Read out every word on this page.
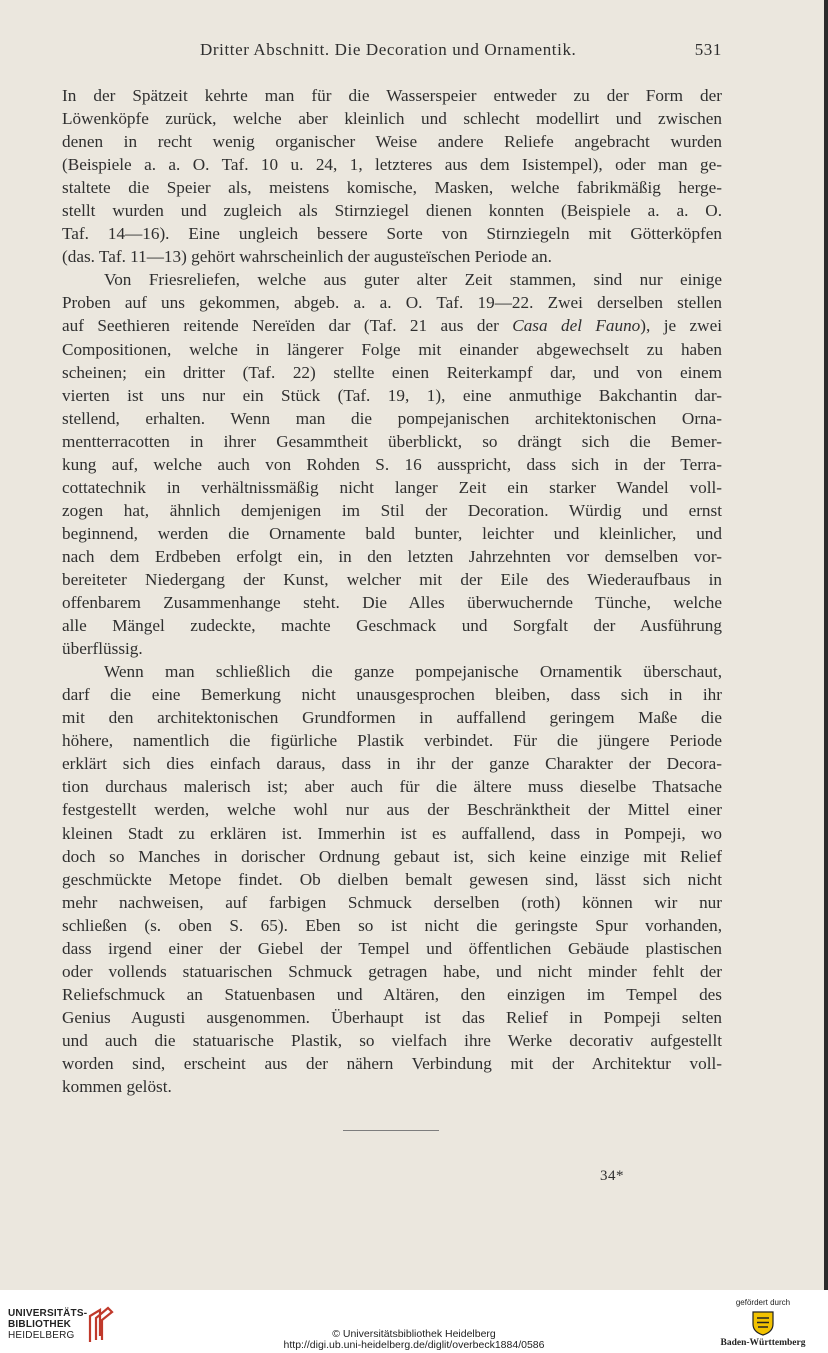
Dritter Abschnitt. Die Decoration und Ornamentik.	531
In der Spätzeit kehrte man für die Wasserspeier entweder zu der Form der
Löwenköpfe zurück, welche aber kleinlich und schlecht modellirt und zwischen
denen in recht wenig organischer Weise andere Reliefe angebracht wurden
(Beispiele a. a. O. Taf. 10 u. 24, 1, letzteres aus dem Isistempel), oder man ge-
staltete die Speier als, meistens komische, Masken, welche fabrikmäßig herge-
stellt wurden und zugleich als Stirnziegel dienen konnten (Beispiele a. a. O.
Taf. 14—16). Eine ungleich bessere Sorte von Stirnziegeln mit Götterköpfen
(das. Taf. 11—13) gehört wahrscheinlich der augusteïschen Periode an.
Von Friesreliefen, welche aus guter alter Zeit stammen, sind nur einige
Proben auf uns gekommen, abgeb. a. a. O. Taf. 19—22. Zwei derselben stellen
auf Seethieren reitende Nereïden dar (Taf. 21 aus der Casa del Fauno), je zwei
Compositionen, welche in längerer Folge mit einander abgewechselt zu haben
scheinen; ein dritter (Taf. 22) stellte einen Reiterkampf dar, und von einem
vierten ist uns nur ein Stück (Taf. 19, 1), eine anmuthige Bakchantin dar-
stellend, erhalten. Wenn man die pompejanischen architektonischen Orna-
mentterracotten in ihrer Gesammtheit überblickt, so drängt sich die Bemer-
kung auf, welche auch von Rohden S. 16 ausspricht, dass sich in der Terra-
cottatechnik in verhältnissmäßig nicht langer Zeit ein starker Wandel voll-
zogen hat, ähnlich demjenigen im Stil der Decoration. Würdig und ernst
beginnend, werden die Ornamente bald bunter, leichter und kleinlicher, und
nach dem Erdbeben erfolgt ein, in den letzten Jahrzehnten vor demselben vor-
bereiteter Niedergang der Kunst, welcher mit der Eile des Wiederaufbaus in
offenbarem Zusammenhange steht. Die Alles überwuchernde Tünche, welche
alle Mängel zudeckte, machte Geschmack und Sorgfalt der Ausführung
überflüssig.
Wenn man schließlich die ganze pompejanische Ornamentik überschaut,
darf die eine Bemerkung nicht unausgesprochen bleiben, dass sich in ihr
mit den architektonischen Grundformen in auffallend geringem Maße die
höhere, namentlich die figürliche Plastik verbindet. Für die jüngere Periode
erklärt sich dies einfach daraus, dass in ihr der ganze Charakter der Decora-
tion durchaus malerisch ist; aber auch für die ältere muss dieselbe Thatsache
festgestellt werden, welche wohl nur aus der Beschränktheit der Mittel einer
kleinen Stadt zu erklären ist. Immerhin ist es auffallend, dass in Pompeji, wo
doch so Manches in dorischer Ordnung gebaut ist, sich keine einzige mit Relief
geschmückte Metope findet. Ob dielben bemalt gewesen sind, lässt sich nicht
mehr nachweisen, auf farbigen Schmuck derselben (roth) können wir nur
schließen (s. oben S. 65). Eben so ist nicht die geringste Spur vorhanden,
dass irgend einer der Giebel der Tempel und öffentlichen Gebäude plastischen
oder vollends statuarischen Schmuck getragen habe, und nicht minder fehlt der
Reliefschmuck an Statuenbasen und Altären, den einzigen im Tempel des
Genius Augusti ausgenommen. Überhaupt ist das Relief in Pompeji selten
und auch die statuarische Plastik, so vielfach ihre Werke decorativ aufgestellt
worden sind, erscheint aus der nähern Verbindung mit der Architektur voll-
kommen gelöst.
34*
UNIVERSITÄTS-
BIBLIOTHEK
HEIDELBERG	© Universitätsbibliothek Heidelberg
http://digi.ub.uni-heidelberg.de/diglit/overbeck1884/0586
gefördert durch
Baden-Württemberg
